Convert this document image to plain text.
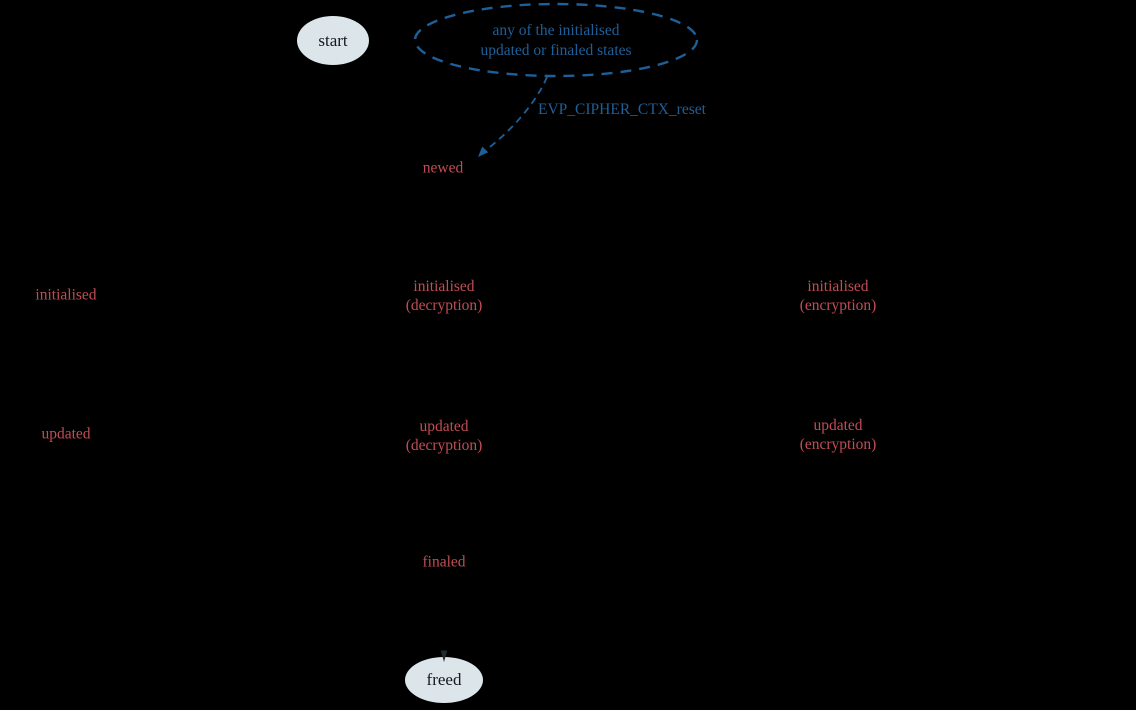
start
freed
any of the initialised
updated or finaled states
EVP_CIPHER_CTX_reset
newed
initialised	initialised
(decryption)
initialised
(encryption)
updated	updated
(decryption)
updated
(encryption)
finaled
